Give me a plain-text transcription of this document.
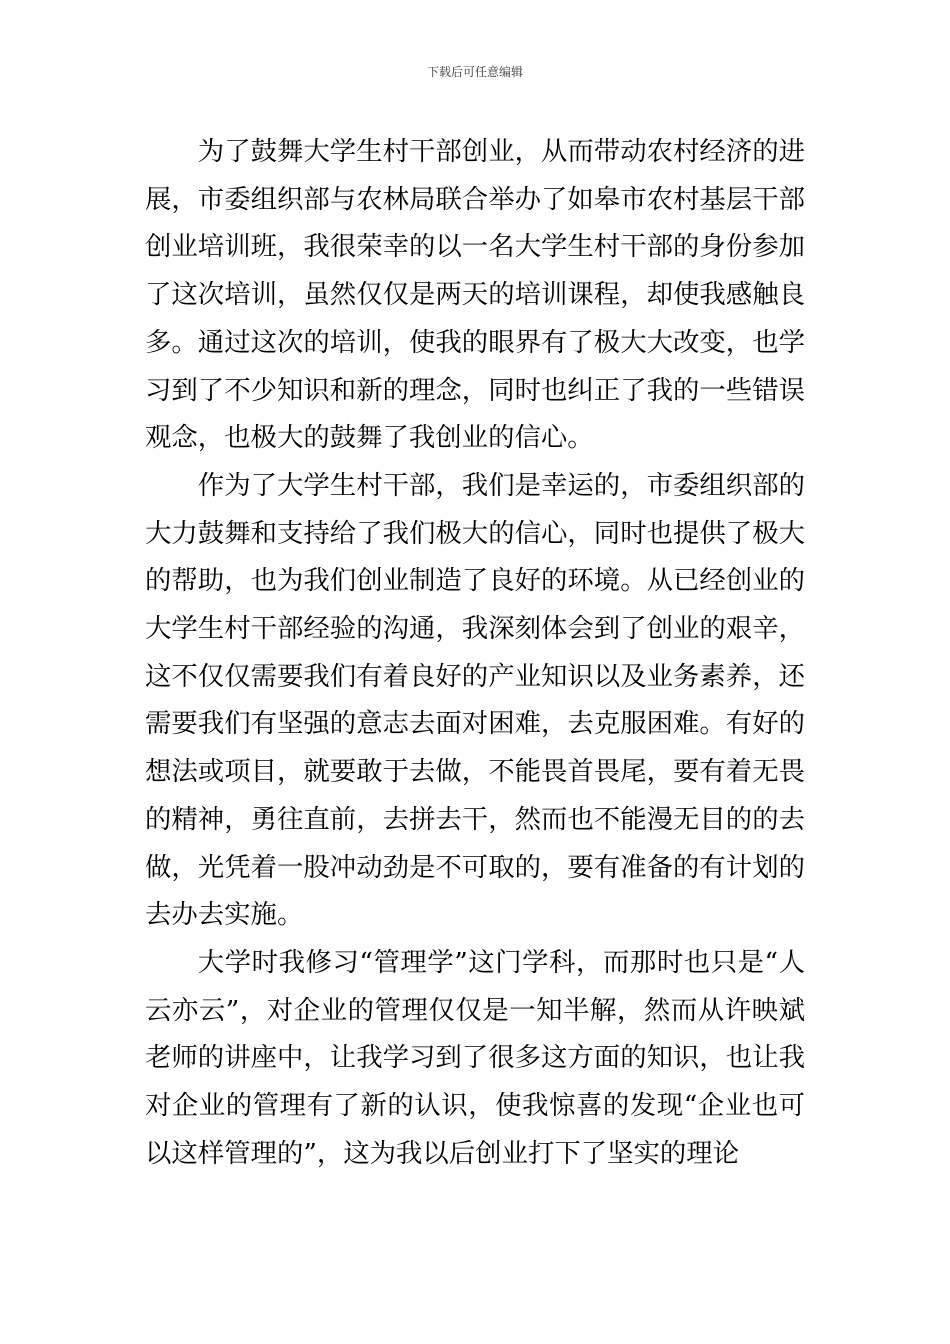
下载后可任意编辑

为了鼓舞大学生村干部创业，从而带动农村经济的进展，市委组织部与农林局联合举办了如皋市农村基层干部创业培训班，我很荣幸的以一名大学生村干部的身份参加了这次培训，虽然仅仅是两天的培训课程，却使我感触良多。通过这次的培训，使我的眼界有了极大大改变，也学习到了不少知识和新的理念，同时也纠正了我的一些错误观念，也极大的鼓舞了我创业的信心。

作为了大学生村干部，我们是幸运的，市委组织部的大力鼓舞和支持给了我们极大的信心，同时也提供了极大的帮助，也为我们创业制造了良好的环境。从已经创业的大学生村干部经验的沟通，我深刻体会到了创业的艰辛，这不仅仅需要我们有着良好的产业知识以及业务素养，还需要我们有坚强的意志去面对困难，去克服困难。有好的想法或项目，就要敢于去做，不能畏首畏尾，要有着无畏的精神，勇往直前，去拼去干，然而也不能漫无目的的去做，光凭着一股冲动劲是不可取的，要有准备的有计划的去办去实施。

大学时我修习“管理学”这门学科，而那时也只是“人云亦云”，对企业的管理仅仅是一知半解，然而从许映斌老师的讲座中，让我学习到了很多这方面的知识，也让我对企业的管理有了新的认识，使我惊喜的发现“企业也可以这样管理的”，这为我以后创业打下了坚实的理论
